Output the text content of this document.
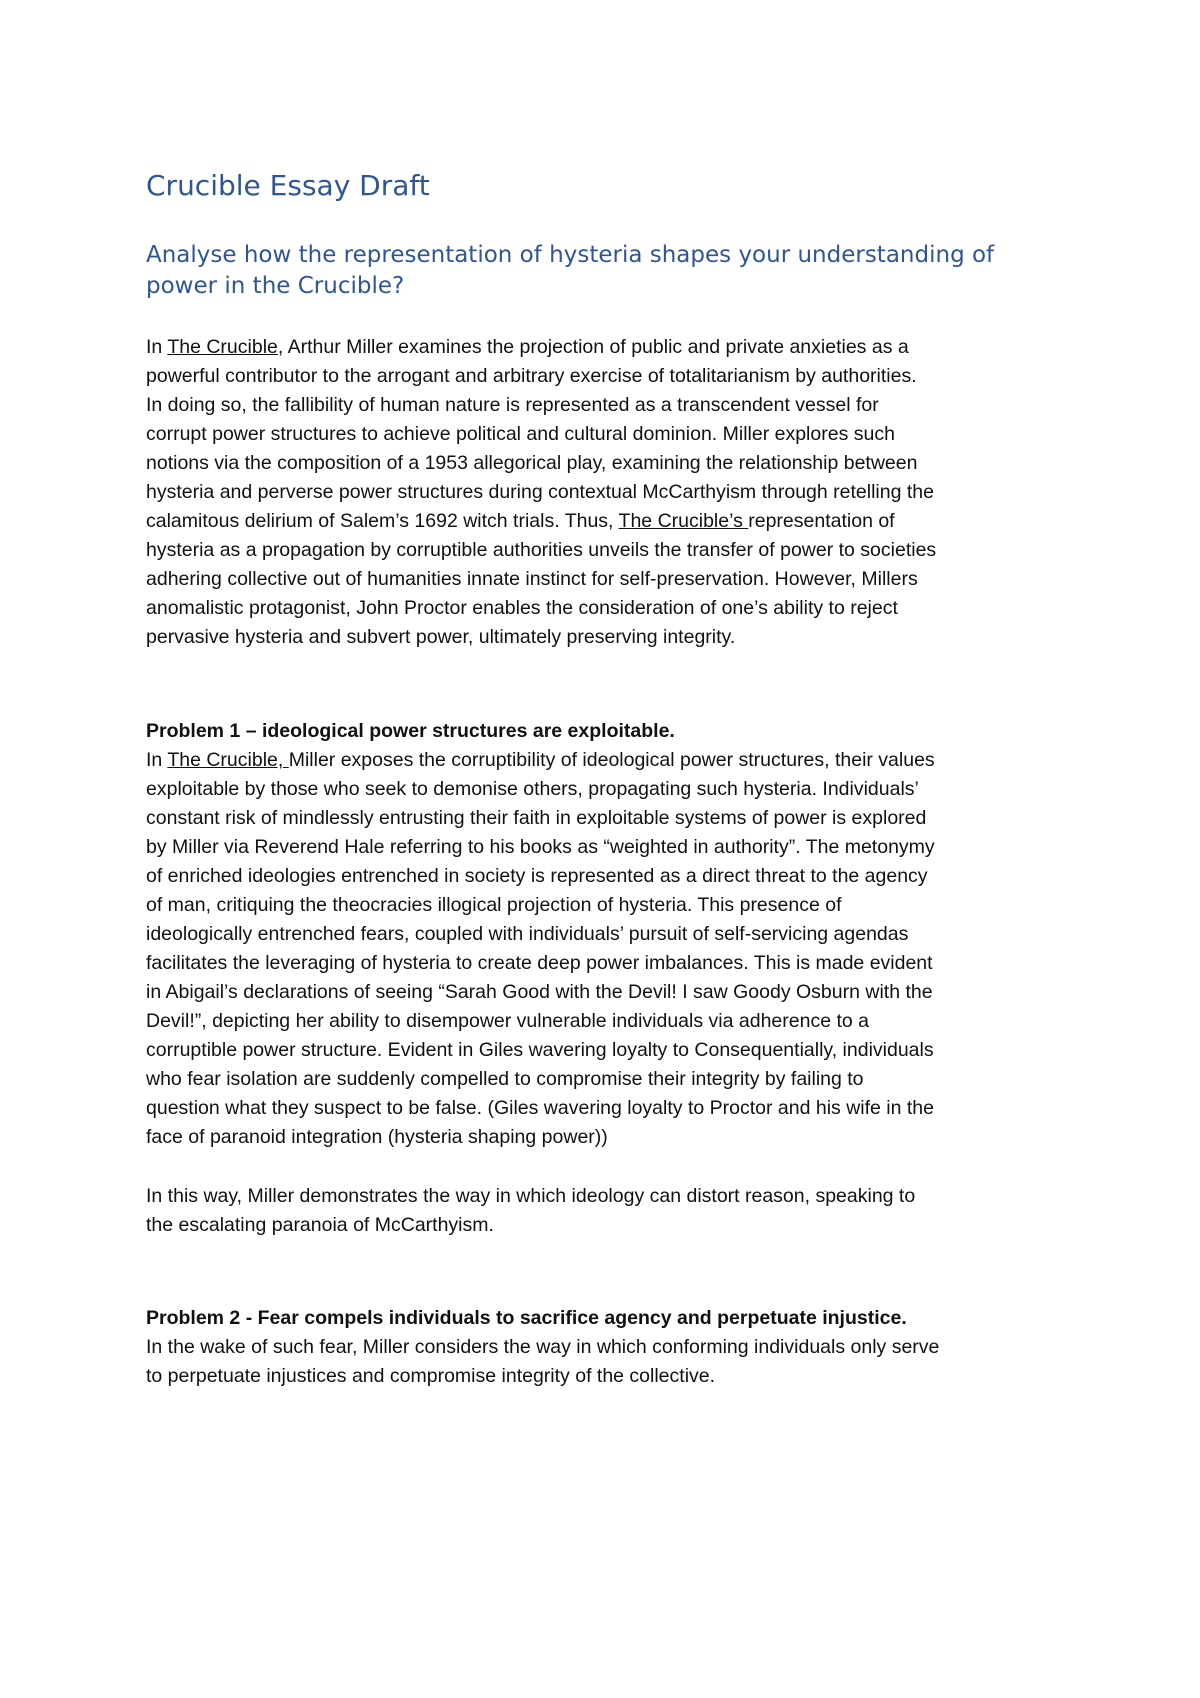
Crucible Essay Draft
Analyse how the representation of hysteria shapes your understanding of power in the Crucible?

In The Crucible, Arthur Miller examines the projection of public and private anxieties as a

powerful contributor to the arrogant and arbitrary exercise of totalitarianism by authorities.

In doing so, the fallibility of human nature is represented as a transcendent vessel for

corrupt power structures to achieve political and cultural dominion. Miller explores such

notions via the composition of a 1953 allegorical play, examining the relationship between

hysteria and perverse power structures during contextual McCarthyism through retelling the

calamitous delirium of Salem’s 1692 witch trials. Thus, The Crucible’s representation of

hysteria as a propagation by corruptible authorities unveils the transfer of power to societies

adhering collective out of humanities innate instinct for self-preservation. However, Millers

anomalistic protagonist, John Proctor enables the consideration of one’s ability to reject

pervasive hysteria and subvert power, ultimately preserving integrity.

Problem 1 – ideological power structures are exploitable.

In The Crucible, Miller exposes the corruptibility of ideological power structures, their values

exploitable by those who seek to demonise others, propagating such hysteria. Individuals’

constant risk of mindlessly entrusting their faith in exploitable systems of power is explored

by Miller via Reverend Hale referring to his books as “weighted in authority”. The metonymy

of enriched ideologies entrenched in society is represented as a direct threat to the agency

of man, critiquing the theocracies illogical projection of hysteria. This presence of

ideologically entrenched fears, coupled with individuals’ pursuit of self-servicing agendas

facilitates the leveraging of hysteria to create deep power imbalances. This is made evident

in Abigail’s declarations of seeing “Sarah Good with the Devil! I saw Goody Osburn with the

Devil!”, depicting her ability to disempower vulnerable individuals via adherence to a

corruptible power structure. Evident in Giles wavering loyalty to Consequentially, individuals

who fear isolation are suddenly compelled to compromise their integrity by failing to

question what they suspect to be false. (Giles wavering loyalty to Proctor and his wife in the

face of paranoid integration (hysteria shaping power))

In this way, Miller demonstrates the way in which ideology can distort reason, speaking to

the escalating paranoia of McCarthyism.

Problem 2 - Fear compels individuals to sacrifice agency and perpetuate injustice.

In the wake of such fear, Miller considers the way in which conforming individuals only serve

to perpetuate injustices and compromise integrity of the collective.
